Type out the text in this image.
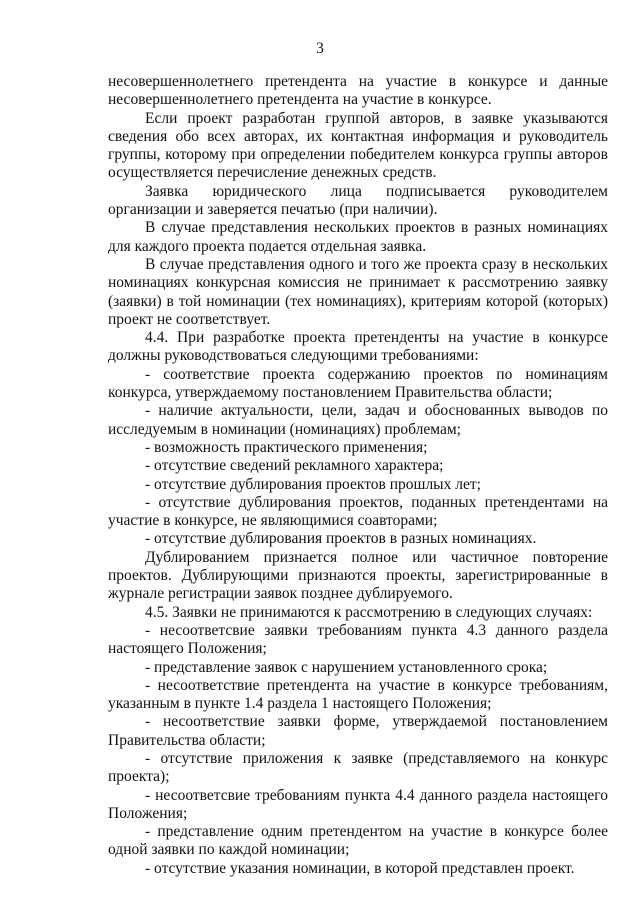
3

несовершеннолетнего претендента на участие в конкурсе и данные несовершеннолетнего претендента на участие в конкурсе.

Если проект разработан группой авторов, в заявке указываются сведения обо всех авторах, их контактная информация и руководитель группы, которому при определении победителем конкурса группы авторов осуществляется перечисление денежных средств.

Заявка юридического лица подписывается руководителем организации и заверяется печатью (при наличии).

В случае представления нескольких проектов в разных номинациях для каждого проекта подается отдельная заявка.

В случае представления одного и того же проекта сразу в нескольких номинациях конкурсная комиссия не принимает к рассмотрению заявку (заявки) в той номинации (тех номинациях), критериям которой (которых) проект не соответствует.

4.4. При разработке проекта претенденты на участие в конкурсе должны руководствоваться следующими требованиями:

- соответствие проекта содержанию проектов по номинациям конкурса, утверждаемому постановлением Правительства области;

- наличие актуальности, цели, задач и обоснованных выводов по исследуемым в номинации (номинациях) проблемам;

- возможность практического применения;

- отсутствие сведений рекламного характера;

- отсутствие дублирования проектов прошлых лет;

- отсутствие дублирования проектов, поданных претендентами на участие в конкурсе, не являющимися соавторами;

- отсутствие дублирования проектов в разных номинациях.

Дублированием признается полное или частичное повторение проектов. Дублирующими признаются проекты, зарегистрированные в журнале регистрации заявок позднее дублируемого.

4.5. Заявки не принимаются к рассмотрению в следующих случаях:

- несоответсвие заявки требованиям пункта 4.3 данного раздела настоящего Положения;

- представление заявок с нарушением установленного срока;

- несоответствие претендента на участие в конкурсе требованиям, указанным в пункте 1.4 раздела 1 настоящего Положения;

- несоответствие заявки форме, утверждаемой постановлением Правительства области;

- отсутствие приложения к заявке (представляемого на конкурс проекта);

- несоответсвие требованиям пункта 4.4 данного раздела настоящего Положения;

- представление одним претендентом на участие в конкурсе более одной заявки по каждой номинации;

- отсутствие указания номинации, в которой представлен проект.
